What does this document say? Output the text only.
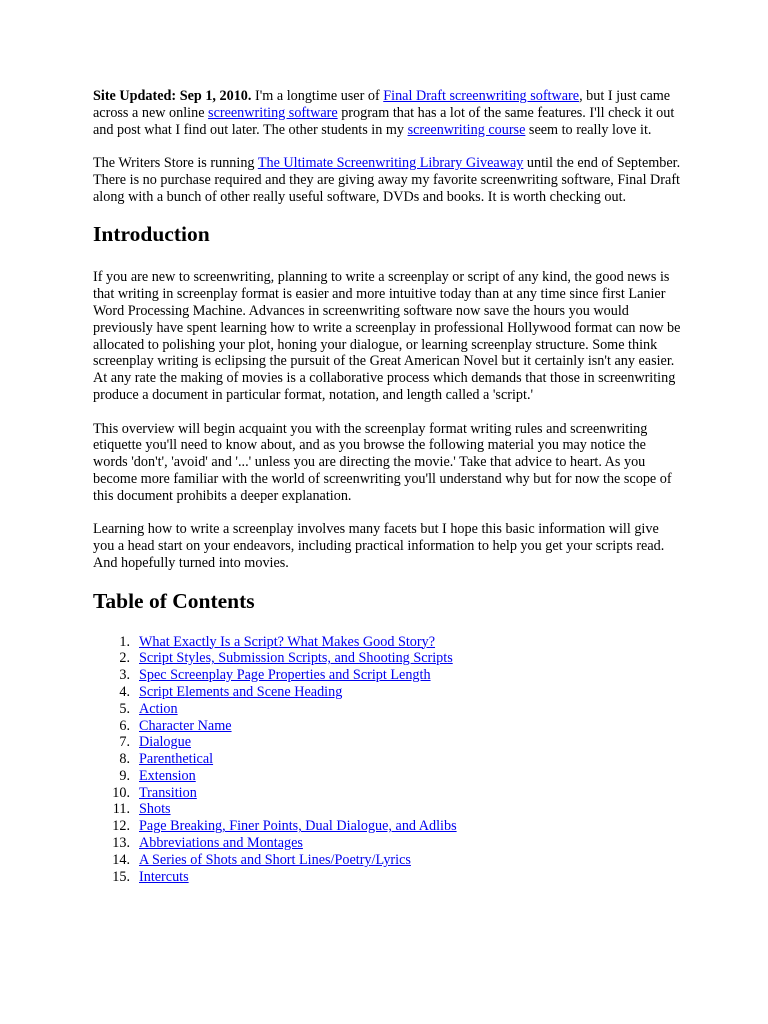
Site Updated: Sep 1, 2010. I'm a longtime user of Final Draft screenwriting software, but I just came across a new online screenwriting software program that has a lot of the same features. I'll check it out and post what I find out later. The other students in my screenwriting course seem to really love it.

The Writers Store is running The Ultimate Screenwriting Library Giveaway until the end of September. There is no purchase required and they are giving away my favorite screenwriting software, Final Draft along with a bunch of other really useful software, DVDs and books. It is worth checking out.

Introduction

If you are new to screenwriting, planning to write a screenplay or script of any kind, the good news is that writing in screenplay format is easier and more intuitive today than at any time since first Lanier Word Processing Machine. Advances in screenwriting software now save the hours you would previously have spent learning how to write a screenplay in professional Hollywood format can now be allocated to polishing your plot, honing your dialogue, or learning screenplay structure. Some think screenplay writing is eclipsing the pursuit of the Great American Novel but it certainly isn't any easier. At any rate the making of movies is a collaborative process which demands that those in screenwriting produce a document in particular format, notation, and length called a 'script.'

This overview will begin acquaint you with the screenplay format writing rules and screenwriting etiquette you'll need to know about, and as you browse the following material you may notice the words 'don't', 'avoid' and '...' unless you are directing the movie.' Take that advice to heart. As you become more familiar with the world of screenwriting you'll understand why but for now the scope of this document prohibits a deeper explanation.

Learning how to write a screenplay involves many facets but I hope this basic information will give you a head start on your endeavors, including practical information to help you get your scripts read. And hopefully turned into movies.

Table of Contents
1. What Exactly Is a Script? What Makes Good Story?
2. Script Styles, Submission Scripts, and Shooting Scripts
3. Spec Screenplay Page Properties and Script Length
4. Script Elements and Scene Heading
5. Action
6. Character Name
7. Dialogue
8. Parenthetical
9. Extension
10. Transition
11. Shots
12. Page Breaking, Finer Points, Dual Dialogue, and Adlibs
13. Abbreviations and Montages
14. A Series of Shots and Short Lines/Poetry/Lyrics
15. Intercuts
